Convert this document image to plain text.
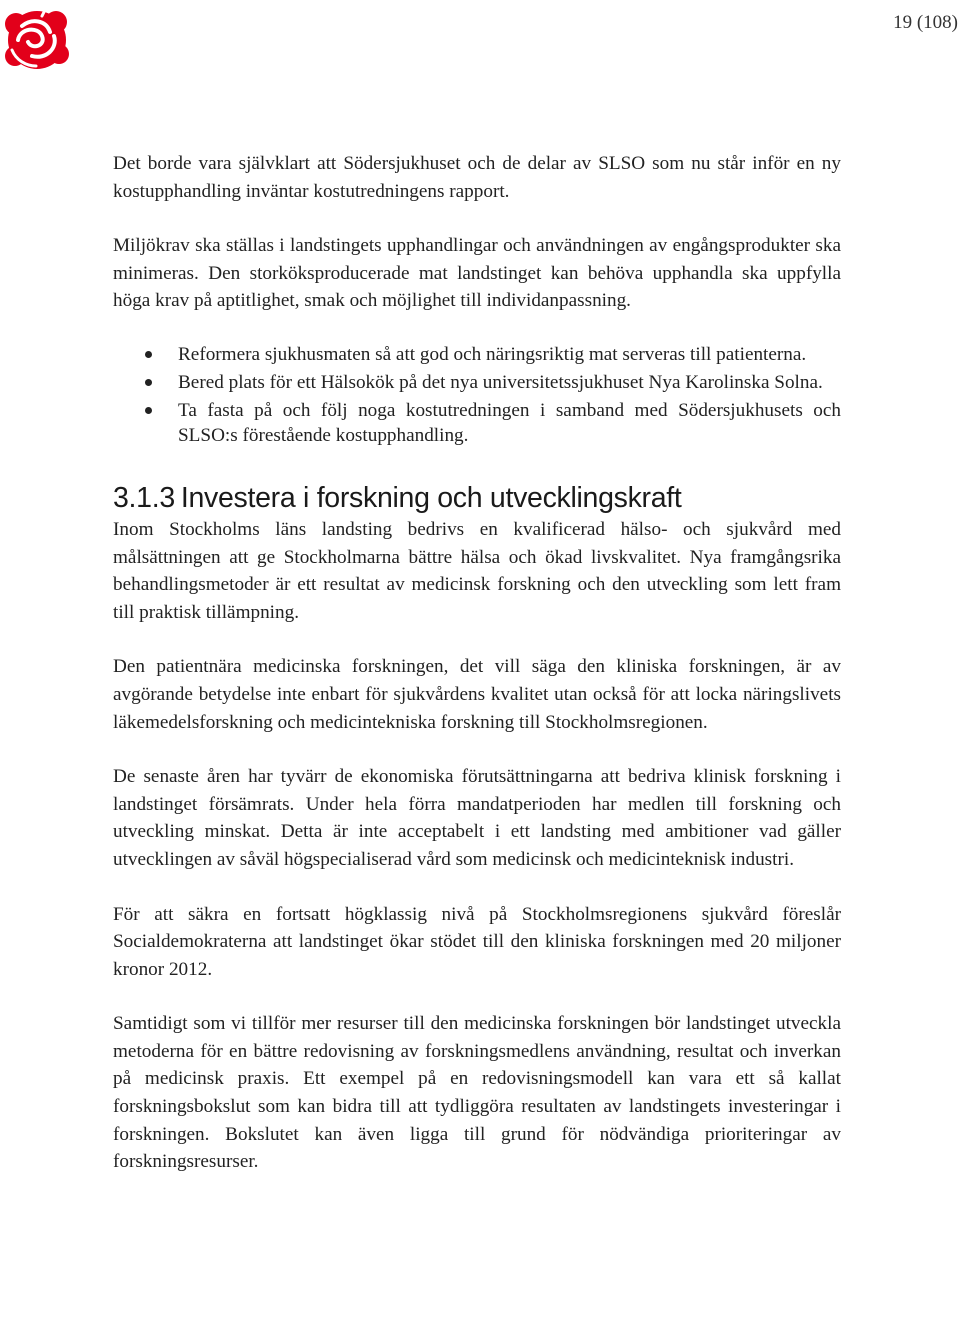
19 (108)

Det borde vara självklart att Södersjukhuset och de delar av SLSO som nu står inför en ny kostupphandling inväntar kostutredningens rapport.

Miljökrav ska ställas i landstingets upphandlingar och användningen av engångsprodukter ska minimeras. Den storköksproducerade mat landstinget kan behöva upphandla ska uppfylla höga krav på aptitlighet, smak och möjlighet till individanpassning.

Reformera sjukhusmaten så att god och näringsriktig mat serveras till patienterna.
Bered plats för ett Hälsokök på det nya universitetssjukhuset Nya Karolinska Solna.
Ta fasta på och följ noga kostutredningen i samband med Södersjukhusets och SLSO:s förestående kostupphandling.
3.1.3 Investera i forskning och utvecklingskraft

Inom Stockholms läns landsting bedrivs en kvalificerad hälso- och sjukvård med målsättningen att ge Stockholmarna bättre hälsa och ökad livskvalitet. Nya framgångsrika behandlingsmetoder är ett resultat av medicinsk forskning och den utveckling som lett fram till praktisk tillämpning.

Den patientnära medicinska forskningen, det vill säga den kliniska forskningen, är av avgörande betydelse inte enbart för sjukvårdens kvalitet utan också för att locka näringslivets läkemedelsforskning och medicintekniska forskning till Stockholmsregionen.

De senaste åren har tyvärr de ekonomiska förutsättningarna att bedriva klinisk forskning i landstinget försämrats. Under hela förra mandatperioden har medlen till forskning och utveckling minskat. Detta är inte acceptabelt i ett landsting med ambitioner vad gäller utvecklingen av såväl högspecialiserad vård som medicinsk och medicinteknisk industri.

För att säkra en fortsatt högklassig nivå på Stockholmsregionens sjukvård föreslår Socialdemokraterna att landstinget ökar stödet till den kliniska forskningen med 20 miljoner kronor 2012.

Samtidigt som vi tillför mer resurser till den medicinska forskningen bör landstinget utveckla metoderna för en bättre redovisning av forskningsmedlens användning, resultat och inverkan på medicinsk praxis. Ett exempel på en redovisningsmodell kan vara ett så kallat forskningsbokslut som kan bidra till att tydliggöra resultaten av landstingets investeringar i forskningen. Bokslutet kan även ligga till grund för nödvändiga prioriteringar av forskningsresurser.
